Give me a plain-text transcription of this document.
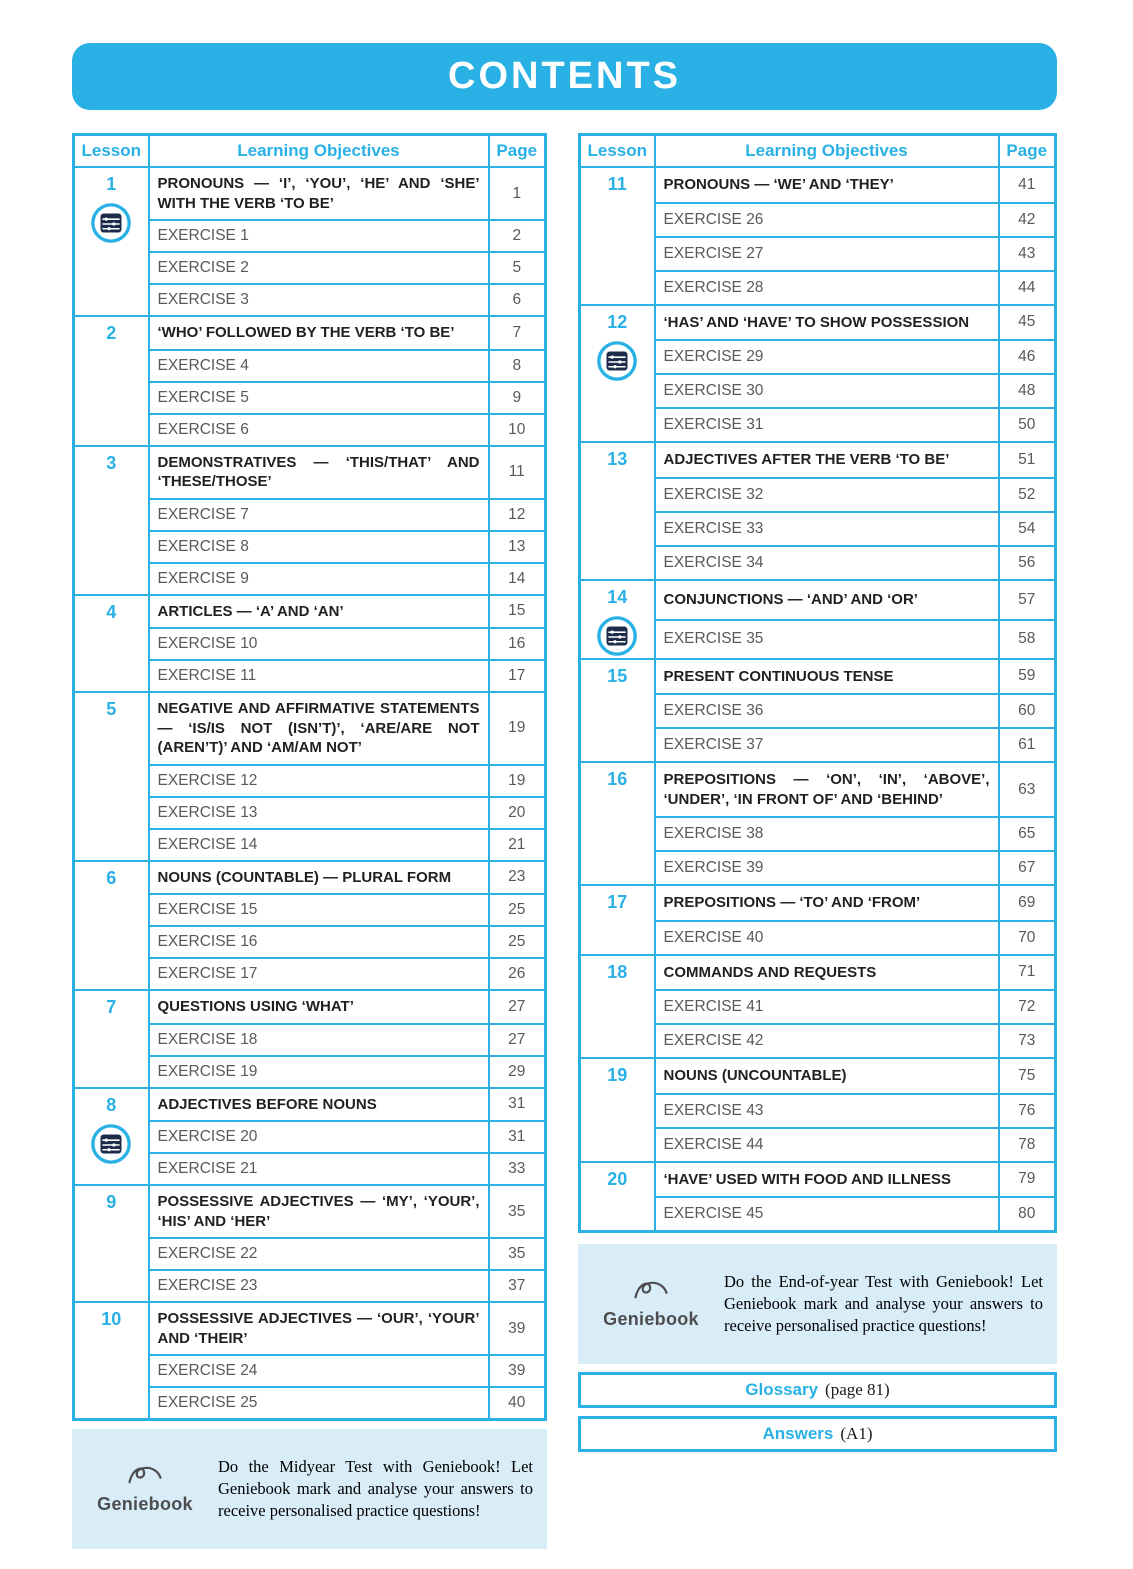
CONTENTS
Lesson	Learning Objectives	Page

1	PRONOUNS — ‘I’, ‘YOU’, ‘HE’ AND ‘SHE’ WITH THE VERB ‘TO BE’	1
	EXERCISE 1	2
	EXERCISE 2	5
	EXERCISE 3	6

2	‘WHO’ FOLLOWED BY THE VERB ‘TO BE’	7
	EXERCISE 4	8
	EXERCISE 5	9
	EXERCISE 6	10

3	DEMONSTRATIVES — ‘THIS/THAT’ AND ‘THESE/THOSE’	11
	EXERCISE 7	12
	EXERCISE 8	13
	EXERCISE 9	14

4	ARTICLES — ‘A’ AND ‘AN’	15
	EXERCISE 10	16
	EXERCISE 11	17

5	NEGATIVE AND AFFIRMATIVE STATEMENTS — ‘IS/IS NOT (ISN’T)’, ‘ARE/ARE NOT (AREN’T)’ AND ‘AM/AM NOT’	19
	EXERCISE 12	19
	EXERCISE 13	20
	EXERCISE 14	21

6	NOUNS (COUNTABLE) — PLURAL FORM	23
	EXERCISE 15	25
	EXERCISE 16	25
	EXERCISE 17	26

7	QUESTIONS USING ‘WHAT’	27
	EXERCISE 18	27
	EXERCISE 19	29

8	ADJECTIVES BEFORE NOUNS	31
	EXERCISE 20	31
	EXERCISE 21	33

9	POSSESSIVE ADJECTIVES — ‘MY’, ‘YOUR’, ‘HIS’ AND ‘HER’	35
	EXERCISE 22	35
	EXERCISE 23	37

10	POSSESSIVE ADJECTIVES — ‘OUR’, ‘YOUR’ AND ‘THEIR’	39
	EXERCISE 24	39
	EXERCISE 25	40
Geniebook
Do the Midyear Test with Geniebook! Let Geniebook mark and analyse your answers to receive personalised practice questions!
Lesson	Learning Objectives	Page

11	PRONOUNS — ‘WE’ AND ‘THEY’	41
	EXERCISE 26	42
	EXERCISE 27	43
	EXERCISE 28	44

12	‘HAS’ AND ‘HAVE’ TO SHOW POSSESSION	45
	EXERCISE 29	46
	EXERCISE 30	48
	EXERCISE 31	50

13	ADJECTIVES AFTER THE VERB ‘TO BE’	51
	EXERCISE 32	52
	EXERCISE 33	54
	EXERCISE 34	56

14	CONJUNCTIONS — ‘AND’ AND ‘OR’	57
	EXERCISE 35	58

15	PRESENT CONTINUOUS TENSE	59
	EXERCISE 36	60
	EXERCISE 37	61

16	PREPOSITIONS — ‘ON’, ‘IN’, ‘ABOVE’, ‘UNDER’, ‘IN FRONT OF’ AND ‘BEHIND’	63
	EXERCISE 38	65
	EXERCISE 39	67

17	PREPOSITIONS — ‘TO’ AND ‘FROM’	69
	EXERCISE 40	70

18	COMMANDS AND REQUESTS	71
	EXERCISE 41	72
	EXERCISE 42	73

19	NOUNS (UNCOUNTABLE)	75
	EXERCISE 43	76
	EXERCISE 44	78

20	‘HAVE’ USED WITH FOOD AND ILLNESS	79
	EXERCISE 45	80
Geniebook
Do the End-of-year Test with Geniebook! Let Geniebook mark and analyse your answers to receive personalised practice questions!
Glossary (page 81)
Answers (A1)
